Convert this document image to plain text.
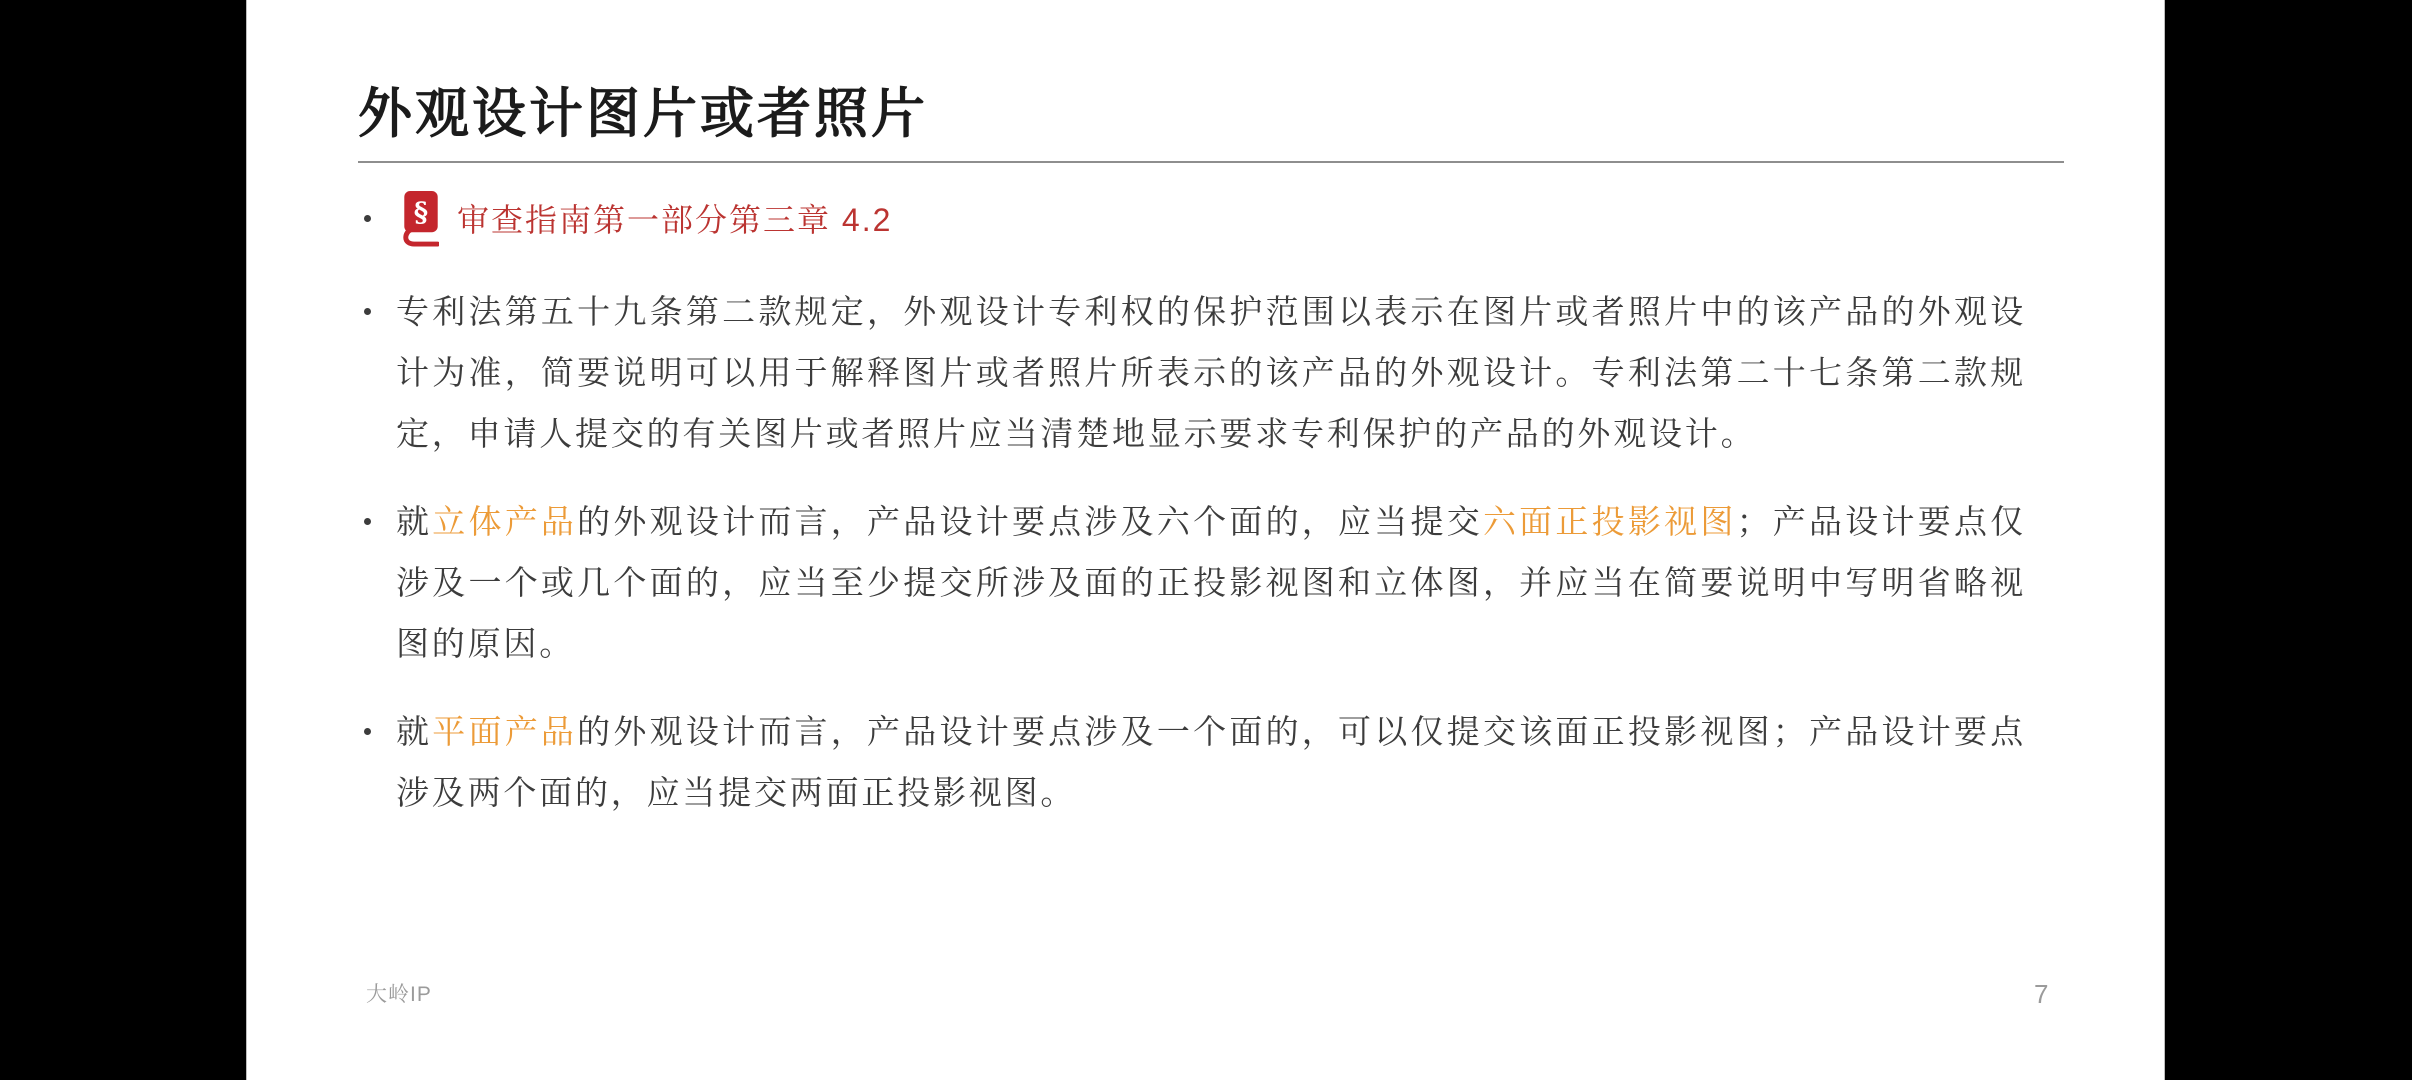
外观设计图片或者照片
§ 审查指南第一部分第三章 4.2

专利法第五十九条第二款规定，外观设计专利权的保护范围以表示在图片或者照片中的该产品的外观设计为准，简要说明可以用于解释图片或者照片所表示的该产品的外观设计。专利法第二十七条第二款规定，申请人提交的有关图片或者照片应当清楚地显示要求专利保护的产品的外观设计。

就立体产品的外观设计而言，产品设计要点涉及六个面的，应当提交六面正投影视图；产品设计要点仅涉及一个或几个面的，应当至少提交所涉及面的正投影视图和立体图，并应当在简要说明中写明省略视图的原因。

就平面产品的外观设计而言，产品设计要点涉及一个面的，可以仅提交该面正投影视图；产品设计要点涉及两个面的，应当提交两面正投影视图。

大岭IP	7
